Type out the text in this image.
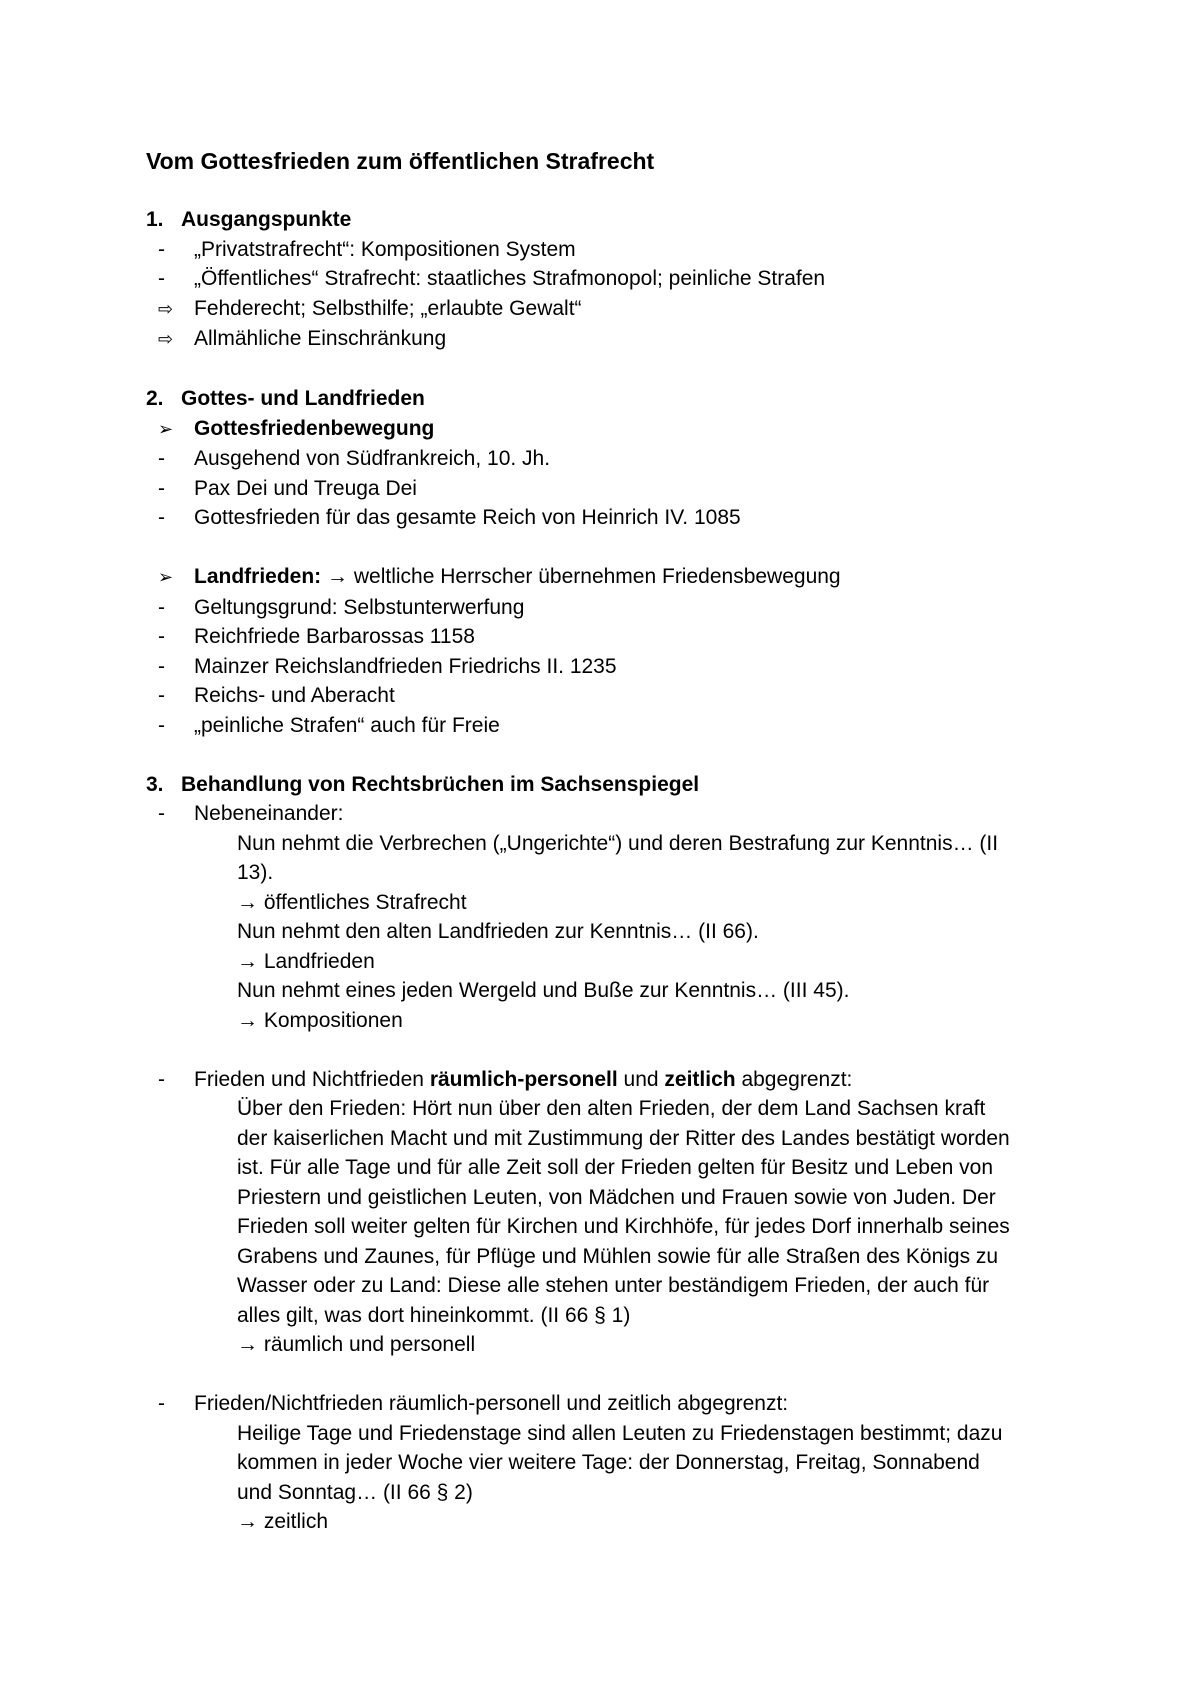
Vom Gottesfrieden zum öffentlichen Strafrecht
1. Ausgangspunkte
-
„Privatstrafrecht“: Kompositionen System
-
„Öffentliches“ Strafrecht: staatliches Strafmonopol; peinliche Strafen
⇨ Fehderecht; Selbsthilfe; „erlaubte Gewalt“
⇨ Allmähliche Einschränkung
2. Gottes- und Landfrieden
➢ Gottesfriedenbewegung
-
Ausgehend von Südfrankreich, 10. Jh.
-
Pax Dei und Treuga Dei
-
Gottesfrieden für das gesamte Reich von Heinrich IV. 1085
➢ Landfrieden: → weltliche Herrscher übernehmen Friedensbewegung
-
Geltungsgrund: Selbstunterwerfung
-
Reichfriede Barbarossas 1158
-
Mainzer Reichslandfrieden Friedrichs II. 1235
-
Reichs- und Aberacht
-
„peinliche Strafen“ auch für Freie
3. Behandlung von Rechtsbrüchen im Sachsenspiegel
-
Nebeneinander:
Nun nehmt die Verbrechen („Ungerichte“) und deren Bestrafung zur Kenntnis… (II
13).
→ öffentliches Strafrecht
Nun nehmt den alten Landfrieden zur Kenntnis… (II 66).
→ Landfrieden
Nun nehmt eines jeden Wergeld und Buße zur Kenntnis… (III 45).
→ Kompositionen
-
Frieden und Nichtfrieden räumlich-personell und zeitlich abgegrenzt:
Über den Frieden: Hört nun über den alten Frieden, der dem Land Sachsen kraft
der kaiserlichen Macht und mit Zustimmung der Ritter des Landes bestätigt worden
ist. Für alle Tage und für alle Zeit soll der Frieden gelten für Besitz und Leben von
Priestern und geistlichen Leuten, von Mädchen und Frauen sowie von Juden. Der
Frieden soll weiter gelten für Kirchen und Kirchhöfe, für jedes Dorf innerhalb seines
Grabens und Zaunes, für Pflüge und Mühlen sowie für alle Straßen des Königs zu
Wasser oder zu Land: Diese alle stehen unter beständigem Frieden, der auch für
alles gilt, was dort hineinkommt. (II 66 § 1)
→ räumlich und personell
-
Frieden/Nichtfrieden räumlich-personell und zeitlich abgegrenzt:
Heilige Tage und Friedenstage sind allen Leuten zu Friedenstagen bestimmt; dazu
kommen in jeder Woche vier weitere Tage: der Donnerstag, Freitag, Sonnabend
und Sonntag… (II 66 § 2)
→ zeitlich
